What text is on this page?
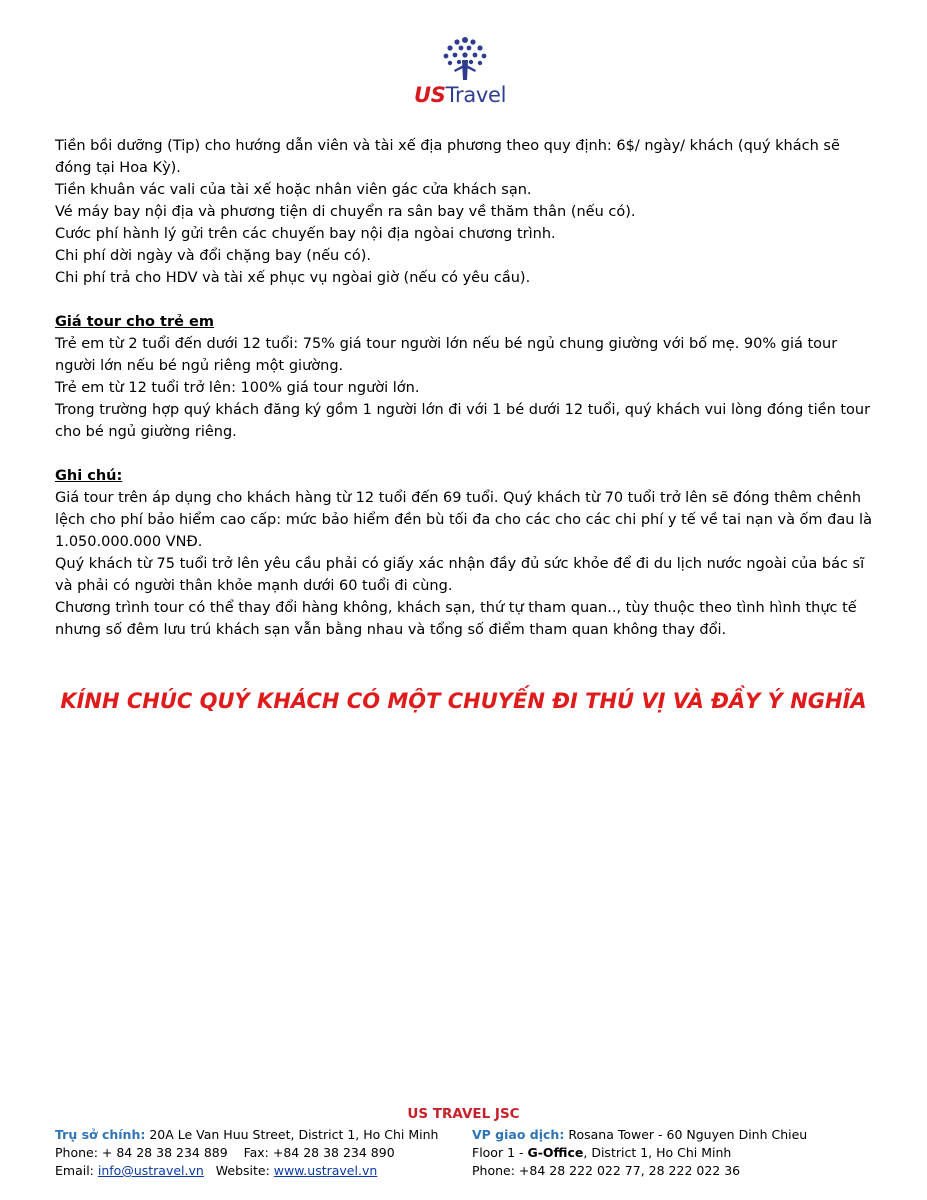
USTravel

Tiền bồi dưỡng (Tip) cho hướng dẫn viên và tài xế địa phương theo quy định: 6$/ ngày/ khách (quý khách sẽ đóng tại Hoa Kỳ).

Tiền khuân vác vali của tài xế hoặc nhân viên gác cửa khách sạn.

Vé máy bay nội địa và phương tiện di chuyển ra sân bay về thăm thân (nếu có).

Cước phí hành lý gửi trên các chuyến bay nội địa ngòai chương trình.

Chi phí dời ngày và đổi chặng bay (nếu có).

Chi phí trả cho HDV và tài xế phục vụ ngòai giờ (nếu có yêu cầu).

Giá tour cho trẻ em

Trẻ em từ 2 tuổi đến dưới 12 tuổi: 75% giá tour người lớn nếu bé ngủ chung giường với bố mẹ. 90% giá tour người lớn nếu bé ngủ riêng một giường.

Trẻ em từ 12 tuổi trở lên: 100% giá tour người lớn.

Trong trường hợp quý khách đăng ký gồm 1 người lớn đi với 1 bé dưới 12 tuổi, quý khách vui lòng đóng tiền tour cho bé ngủ giường riêng.

Ghi chú:

Giá tour trên áp dụng cho khách hàng từ 12 tuổi đến 69 tuổi. Quý khách từ 70 tuổi trở lên sẽ đóng thêm chênh lệch cho phí bảo hiểm cao cấp: mức bảo hiểm đền bù tối đa cho các cho các chi phí y tế về tai nạn và ốm đau là 1.050.000.000 VNĐ.

Quý khách từ 75 tuổi trở lên yêu cầu phải có giấy xác nhận đầy đủ sức khỏe để đi du lịch nước ngoài của bác sĩ và phải có người thân khỏe mạnh dưới 60 tuổi đi cùng.

Chương trình tour có thể thay đổi hàng không, khách sạn, thứ tự tham quan.., tùy thuộc theo tình hình thực tế nhưng số đêm lưu trú khách sạn vẫn bằng nhau và tổng số điểm tham quan không thay đổi.

KÍNH CHÚC QUÝ KHÁCH CÓ MỘT CHUYẾN ĐI THÚ VỊ VÀ ĐẦY Ý NGHĨA
US TRAVEL JSC
Trụ sở chính: 20A Le Van Huu Street, District 1, Ho Chi Minh
Phone: + 84 28 38 234 889    Fax: +84 28 38 234 890
Email: info@ustravel.vn Website: www.ustravel.vn
VP giao dịch: Rosana Tower - 60 Nguyen Dinh Chieu
Floor 1 - G-Office, District 1, Ho Chi Minh
Phone: +84 28 222 022 77, 28 222 022 36
